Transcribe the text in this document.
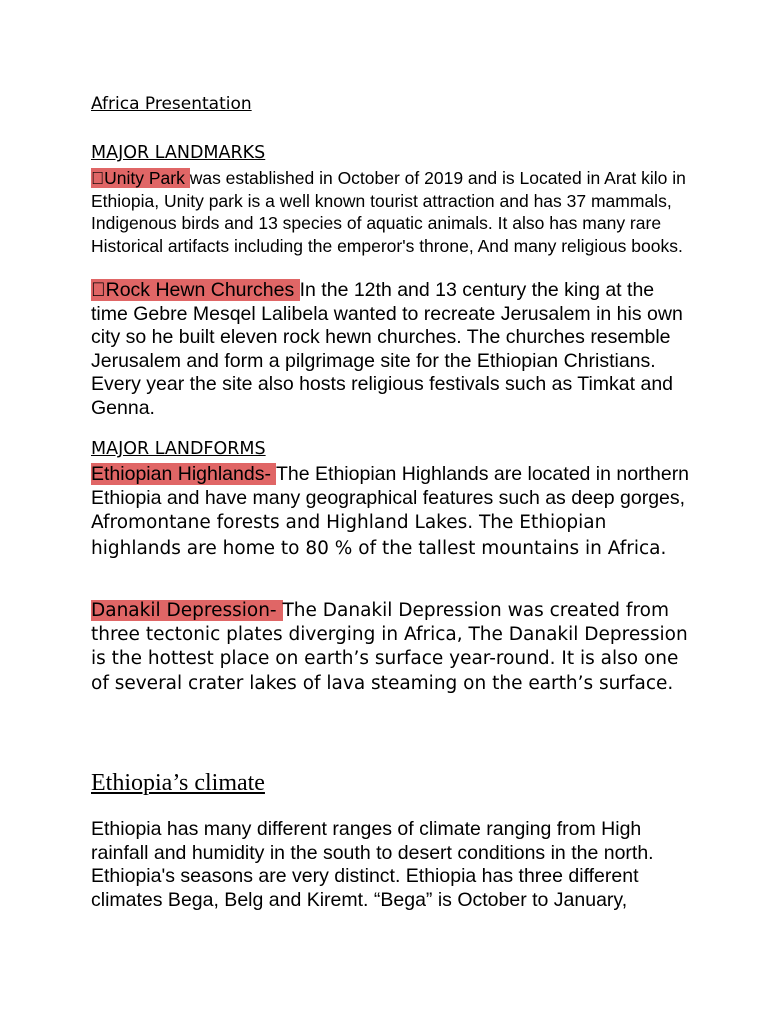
Africa Presentation
MAJOR LANDMARKS

Unity Park was established in October of 2019 and is Located in Arat kilo in Ethiopia, Unity park is a well known tourist attraction and has 37 mammals, Indigenous birds and 13 species of aquatic animals. It also has many rare Historical artifacts including the emperor's throne, And many religious books.

Rock Hewn Churches In the 12th and 13 century the king at the time Gebre Mesqel Lalibela wanted to recreate Jerusalem in his own city so he built eleven rock hewn churches. The churches resemble Jerusalem and form a pilgrimage site for the Ethiopian Christians. Every year the site also hosts religious festivals such as Timkat and Genna.

MAJOR LANDFORMS

Ethiopian Highlands- The Ethiopian Highlands are located in northern Ethiopia and have many geographical features such as deep gorges, Afromontane forests and Highland Lakes. The Ethiopian highlands are home to 80 % of the tallest mountains in Africa.

Danakil Depression- The Danakil Depression was created from three tectonic plates diverging in Africa, The Danakil Depression is the hottest place on earth’s surface year-round. It is also one of several crater lakes of lava steaming on the earth’s surface.

Ethiopia’s climate

Ethiopia has many different ranges of climate ranging from High rainfall and humidity in the south to desert conditions in the north. Ethiopia's seasons are very distinct. Ethiopia has three different climates Bega, Belg and Kiremt. “Bega” is October to January,
